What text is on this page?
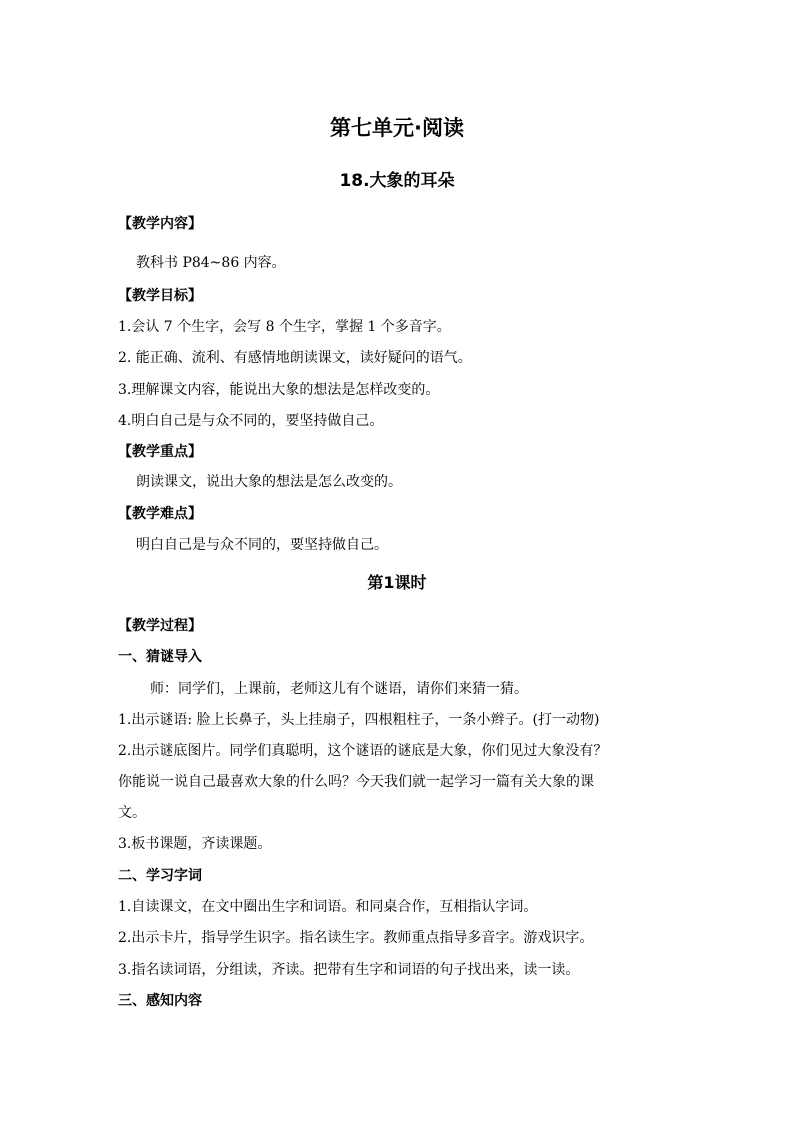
第七单元·阅读
18.大象的耳朵
【教学内容】
教科书 P84~86 内容。
【教学目标】
1.会认 7 个生字，会写 8 个生字，掌握 1 个多音字。
2. 能正确、流利、有感情地朗读课文，读好疑问的语气。
3.理解课文内容，能说出大象的想法是怎样改变的。
4.明白自己是与众不同的，要坚持做自己。
【教学重点】
朗读课文，说出大象的想法是怎么改变的。
【教学难点】
明白自己是与众不同的，要坚持做自己。
第1课时
【教学过程】
一、猜谜导入
师：同学们，上课前，老师这儿有个谜语，请你们来猜一猜。
1.出示谜语: 脸上长鼻子，头上挂扇子，四根粗柱子，一条小辫子。(打一动物)
2.出示谜底图片。同学们真聪明，这个谜语的谜底是大象，你们见过大象没有？
你能说一说自己最喜欢大象的什么吗？今天我们就一起学习一篇有关大象的课
文。
3.板书课题，齐读课题。
二、学习字词
1.自读课文，在文中圈出生字和词语。和同桌合作，互相指认字词。
2.出示卡片，指导学生识字。指名读生字。教师重点指导多音字。游戏识字。
3.指名读词语，分组读，齐读。把带有生字和词语的句子找出来，读一读。
三、感知内容
